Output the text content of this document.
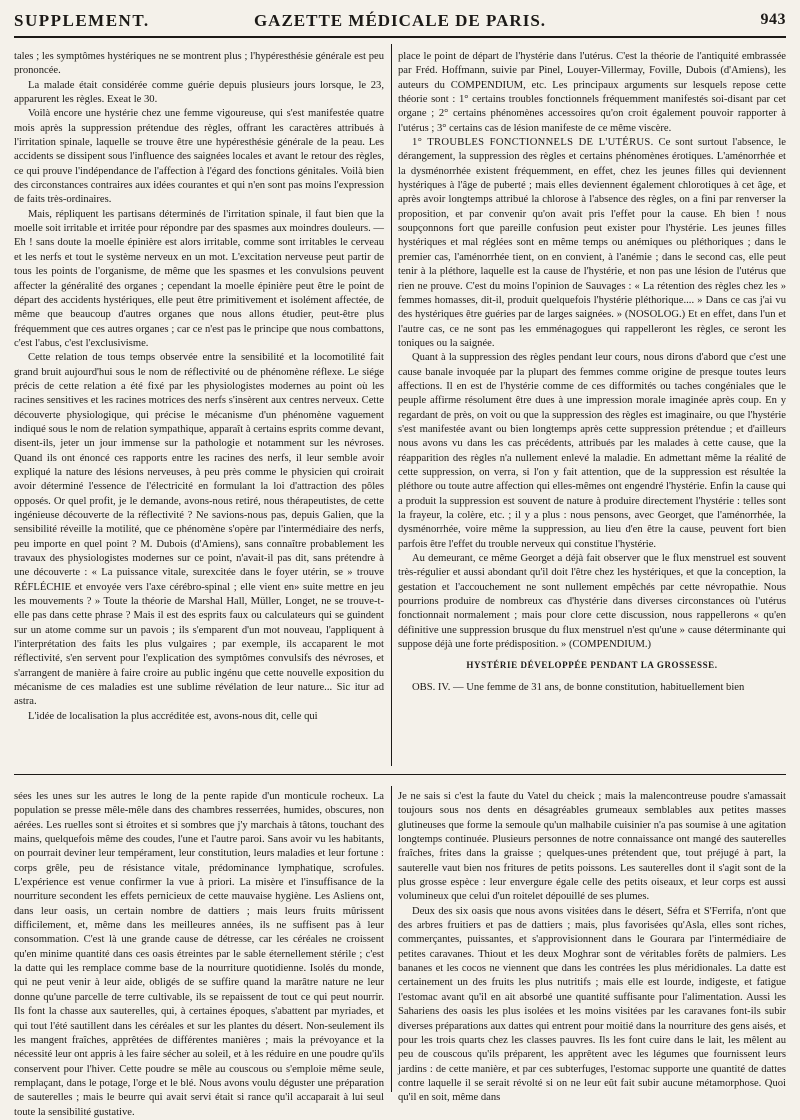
SUPPLEMENT.	GAZETTE MÉDICALE DE PARIS.	943

tales ; les symptômes hystériques ne se montrent plus ; l'hypéresthésie générale est peu prononcée.

La malade était considérée comme guérie depuis plusieurs jours lorsque, le 23, apparurent les règles. Exeat le 30.

Voilà encore une hystérie chez une femme vigoureuse, qui s'est manifestée quatre mois après la suppression prétendue des règles, offrant les caractères attribués à l'irritation spinale, laquelle se trouve être une hypéresthésie générale de la peau. Les accidents se dissipent sous l'influence des saignées locales et avant le retour des règles, ce qui prouve l'indépendance de l'affection à l'égard des fonctions génitales. Voilà bien des circonstances contraires aux idées courantes et qui n'en sont pas moins l'expression de faits très-ordinaires.

Mais, répliquent les partisans déterminés de l'irritation spinale, il faut bien que la moelle soit irritable et irritée pour répondre par des spasmes aux moindres douleurs. — Eh ! sans doute la moelle épinière est alors irritable, comme sont irritables le cerveau et les nerfs et tout le système nerveux en un mot. L'excitation nerveuse peut partir de tous les points de l'organisme, de même que les spasmes et les convulsions peuvent affecter la généralité des organes ; cependant la moelle épinière peut être le point de départ des accidents hystériques, elle peut être primitivement et isolément affectée, de même que beaucoup d'autres organes que nous allons étudier, peut-être plus fréquemment que ces autres organes ; car ce n'est pas le principe que nous combattons, c'est l'abus, c'est l'exclusivisme.

Cette relation de tous temps observée entre la sensibilité et la locomotilité fait grand bruit aujourd'hui sous le nom de réflectivité ou de phénomène réflexe. Le siége précis de cette relation a été fixé par les physiologistes modernes au point où les racines sensitives et les racines motrices des nerfs s'insèrent aux centres nerveux. Cette découverte physiologique, qui précise le mécanisme d'un phénomène vaguement indiqué sous le nom de relation sympathique, apparaît à certains esprits comme devant, disent-ils, jeter un jour immense sur la pathologie et notamment sur les névroses. Quand ils ont énoncé ces rapports entre les racines des nerfs, il leur semble avoir expliqué la nature des lésions nerveuses, à peu près comme le physicien qui croirait avoir déterminé l'essence de l'électricité en formulant la loi d'attraction des pôles opposés. Or quel profit, je le demande, avons-nous retiré, nous thérapeutistes, de cette ingénieuse découverte de la réflectivité ? Ne savions-nous pas, depuis Galien, que la sensibilité réveille la motilité, que ce phénomène s'opère par l'intermédiaire des nerfs, peu importe en quel point ? M. Dubois (d'Amiens), sans connaître probablement les travaux des physiologistes modernes sur ce point, n'avait-il pas dit, sans prétendre à une découverte : « La puissance vitale, surexcitée dans le foyer utérin, se » trouve RÉFLÉCHIE et envoyée vers l'axe cérébro-spinal ; elle vient en» suite mettre en jeu les mouvements ? » Toute la théorie de Marshal Hall, Müller, Longet, ne se trouve-t-elle pas dans cette phrase ? Mais il est des esprits faux ou calculateurs qui se guindent sur un atome comme sur un pavois ; ils s'emparent d'un mot nouveau, l'appliquent à l'interprétation des faits les plus vulgaires ; par exemple, ils accaparent le mot réflectivité, s'en servent pour l'explication des symptômes convulsifs des névroses, et s'arrangent de manière à faire croire au public ingénu que cette nouvelle exposition du mécanisme de ces maladies est une sublime révélation de leur nature... Sic itur ad astra.

L'idée de localisation la plus accréditée est, avons-nous dit, celle qui

place le point de départ de l'hystérie dans l'utérus. C'est la théorie de l'antiquité embrassée par Fréd. Hoffmann, suivie par Pinel, Louyer-Villermay, Foville, Dubois (d'Amiens), les auteurs du COMPENDIUM, etc. Les principaux arguments sur lesquels repose cette théorie sont : 1° certains troubles fonctionnels fréquemment manifestés soi-disant par cet organe ; 2° certains phénomènes accessoires qu'on croit également pouvoir rapporter à l'utérus ; 3° certains cas de lésion manifeste de ce même viscère.

1° TROUBLES FONCTIONNELS DE L'UTÉRUS. Ce sont surtout l'absence, le dérangement, la suppression des règles et certains phénomènes érotiques. L'aménorrhée et la dysménorrhée existent fréquemment, en effet, chez les jeunes filles qui deviennent hystériques à l'âge de puberté ; mais elles deviennent également chlorotiques à cet âge, et après avoir longtemps attribué la chlorose à l'absence des règles, on a fini par renverser la proposition, et par convenir qu'on avait pris l'effet pour la cause. Eh bien ! nous soupçonnons fort que pareille confusion peut exister pour l'hystérie. Les jeunes filles hystériques et mal réglées sont en même temps ou anémiques ou pléthoriques ; dans le premier cas, l'aménorrhée tient, on en convient, à l'anémie ; dans le second cas, elle peut tenir à la pléthore, laquelle est la cause de l'hystérie, et non pas une lésion de l'utérus que rien ne prouve. C'est du moins l'opinion de Sauvages : « La rétention des règles chez les » femmes homasses, dit-il, produit quelquefois l'hystérie pléthorique.... » Dans ce cas j'ai vu des hystériques être guéries par de larges saignées. » (NOSOLOG.) Et en effet, dans l'un et l'autre cas, ce ne sont pas les emménagogues qui rappelleront les règles, ce seront les toniques ou la saignée.

Quant à la suppression des règles pendant leur cours, nous dirons d'abord que c'est une cause banale invoquée par la plupart des femmes comme origine de presque toutes leurs affections. Il en est de l'hystérie comme de ces difformités ou taches congéniales que le peuple affirme résolument être dues à une impression morale imaginée après coup. En y regardant de près, on voit ou que la suppression des règles est imaginaire, ou que l'hystérie s'est manifestée avant ou bien longtemps après cette suppression prétendue ; et d'ailleurs nous avons vu dans les cas précédents, attribués par les malades à cette cause, que la réapparition des règles n'a nullement enlevé la maladie. En admettant même la réalité de cette suppression, on verra, si l'on y fait attention, que de la suppression est résultée la pléthore ou toute autre affection qui elles-mêmes ont engendré l'hystérie. Enfin la cause qui a produit la suppression est souvent de nature à produire directement l'hystérie : telles sont la frayeur, la colère, etc. ; il y a plus : nous pensons, avec Georget, que l'aménorrhée, la dysménorrhée, voire même la suppression, au lieu d'en être la cause, peuvent fort bien parfois être l'effet du trouble nerveux qui constitue l'hystérie.

Au demeurant, ce même Georget a déjà fait observer que le flux menstruel est souvent très-régulier et aussi abondant qu'il doit l'être chez les hystériques, et que la conception, la gestation et l'accouchement ne sont nullement empêchés par cette névropathie. Nous pourrions produire de nombreux cas d'hystérie dans diverses circonstances où l'utérus fonctionnait normalement ; mais pour clore cette discussion, nous rappellerons « qu'en définitive une suppression brusque du flux menstruel n'est qu'une » cause déterminante qui suppose déjà une forte prédisposition. » (COMPENDIUM.)

HYSTÉRIE DÉVELOPPÉE PENDANT LA GROSSESSE.

OBS. IV. — Une femme de 31 ans, de bonne constitution, habituellement bien

sées les unes sur les autres le long de la pente rapide d'un monticule rocheux. La population se presse mêle-mêle dans des chambres resserrées, humides, obscures, non aérées. Les ruelles sont si étroites et si sombres que j'y marchais à tâtons, touchant des mains, quelquefois même des coudes, l'une et l'autre paroi. Sans avoir vu les habitants, on pourrait deviner leur tempérament, leur constitution, leurs maladies et leur fortune : corps grêle, peu de résistance vitale, prédominance lymphatique, scrofules. L'expérience est venue confirmer la vue à priori. La misère et l'insuffisance de la nourriture secondent les effets pernicieux de cette mauvaise hygiène. Les Asliens ont, dans leur oasis, un certain nombre de dattiers ; mais leurs fruits mûrissent difficilement, et, même dans les meilleures années, ils ne suffisent pas à leur consommation. C'est là une grande cause de détresse, car les céréales ne croissent qu'en minime quantité dans ces oasis étreintes par le sable éternellement stérile ; c'est la datte qui les remplace comme base de la nourriture quotidienne. Isolés du monde, qui ne peut venir à leur aide, obligés de se suffire quand la marâtre nature ne leur donne qu'une parcelle de terre cultivable, ils se repaissent de tout ce qui peut nourrir. Ils font la chasse aux sauterelles, qui, à certaines époques, s'abattent par myriades, et qui tout l'été sautillent dans les céréales et sur les plantes du désert. Non-seulement ils les mangent fraîches, apprêtées de différentes manières ; mais la prévoyance et la nécessité leur ont appris à les faire sécher au soleil, et à les réduire en une poudre qu'ils conservent pour l'hiver. Cette poudre se mêle au couscous ou s'emploie même seule, remplaçant, dans le potage, l'orge et le blé. Nous avons voulu déguster une préparation de sauterelles ; mais le beurre qui avait servi était si rance qu'il accaparait à lui seul toute la sensibilité gustative.

Je ne sais si c'est la faute du Vatel du cheick ; mais la malencontreuse poudre s'amassait toujours sous nos dents en désagréables grumeaux semblables aux petites masses glutineuses que forme la semoule qu'un malhabile cuisinier n'a pas soumise à une agitation longtemps continuée. Plusieurs personnes de notre connaissance ont mangé des sauterelles fraîches, frites dans la graisse ; quelques-unes prétendent que, tout préjugé à part, la sauterelle vaut bien nos fritures de petits poissons. Les sauterelles dont il s'agit sont de la plus grosse espèce : leur envergure égale celle des petits oiseaux, et leur corps est aussi volumineux que celui d'un roitelet dépouillé de ses plumes.

Deux des six oasis que nous avons visitées dans le désert, Séfra et S'Ferrifa, n'ont que des arbres fruitiers et pas de dattiers ; mais, plus favorisées qu'Asla, elles sont riches, commerçantes, puissantes, et s'approvisionnent dans le Gourara par l'intermédiaire de petites caravanes. Thiout et les deux Moghrar sont de véritables forêts de palmiers. Les bananes et les cocos ne viennent que dans les contrées les plus méridionales. La datte est certainement un des fruits les plus nutritifs ; mais elle est lourde, indigeste, et fatigue l'estomac avant qu'il en ait absorbé une quantité suffisante pour l'alimentation. Aussi les Sahariens des oasis les plus isolées et les moins visitées par les caravanes font-ils subir diverses préparations aux dattes qui entrent pour moitié dans la nourriture des gens aisés, et pour les trois quarts chez les classes pauvres. Ils les font cuire dans le lait, les mêlent au peu de couscous qu'ils préparent, les apprêtent avec les légumes que fournissent leurs jardins : de cette manière, et par ces subterfuges, l'estomac supporte une quantité de dattes contre laquelle il se serait révolté si on ne leur eût fait subir aucune métamorphose. Quoi qu'il en soit, même dans
